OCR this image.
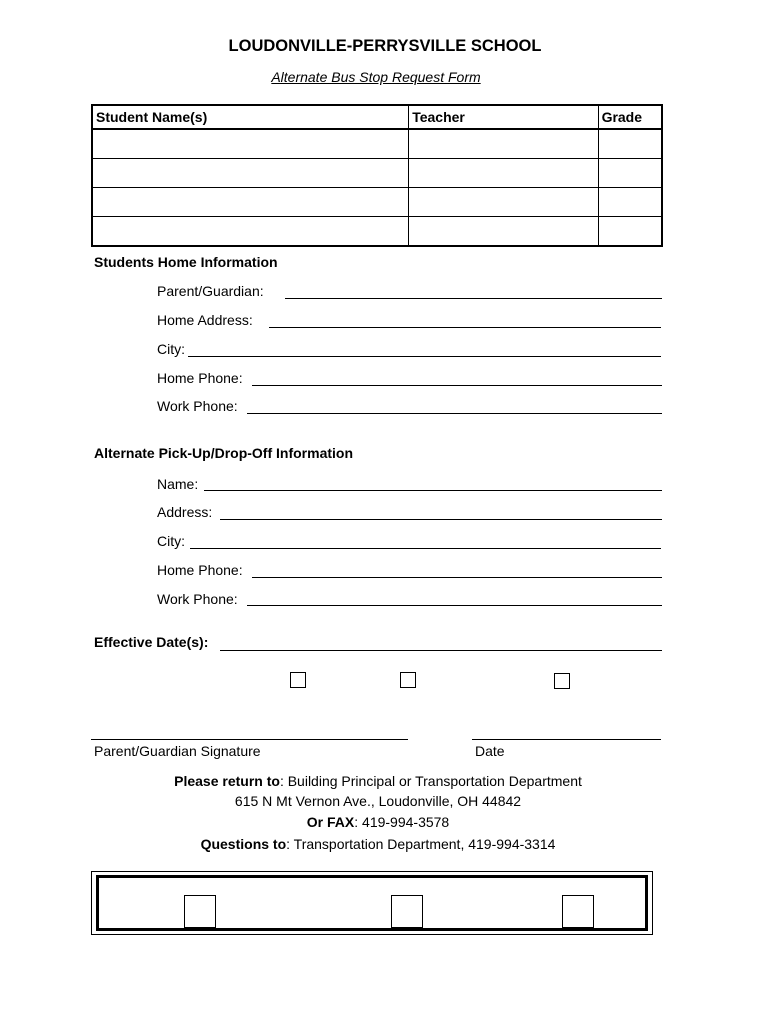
LOUDONVILLE-PERRYSVILLE SCHOOL
Alternate Bus Stop Request Form
Student Name(s)	Teacher	Grade

Students Home Information
Parent/Guardian:
Home Address:
City:
Home Phone:
Work Phone:
Alternate Pick-Up/Drop-Off Information
Name:
Address:
City:
Home Phone:
Work Phone:
Effective Date(s):
Parent/Guardian Signature	Date
Please return to: Building Principal or Transportation Department
615 N Mt Vernon Ave., Loudonville, OH 44842
Or FAX: 419-994-3578
Questions to: Transportation Department, 419-994-3314
